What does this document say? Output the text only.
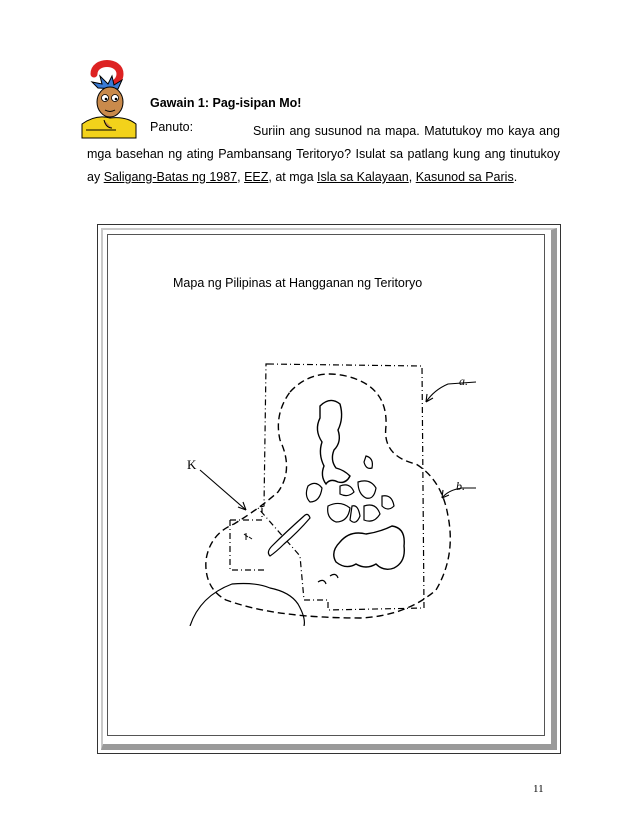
Gawain 1: Pag-isipan Mo!
Panuto:	Suriin ang susunod na mapa. Matutukoy mo kaya ang mga basehan ng ating Pambansang Teritoryo? Isulat sa patlang kung ang tinutukoy ay Saligang-Batas ng 1987, EEZ, at mga Isla sa Kalayaan, Kasunod sa Paris.
Mapa ng Pilipinas at Hangganan ng Teritoryo
K
a.
b.
11
